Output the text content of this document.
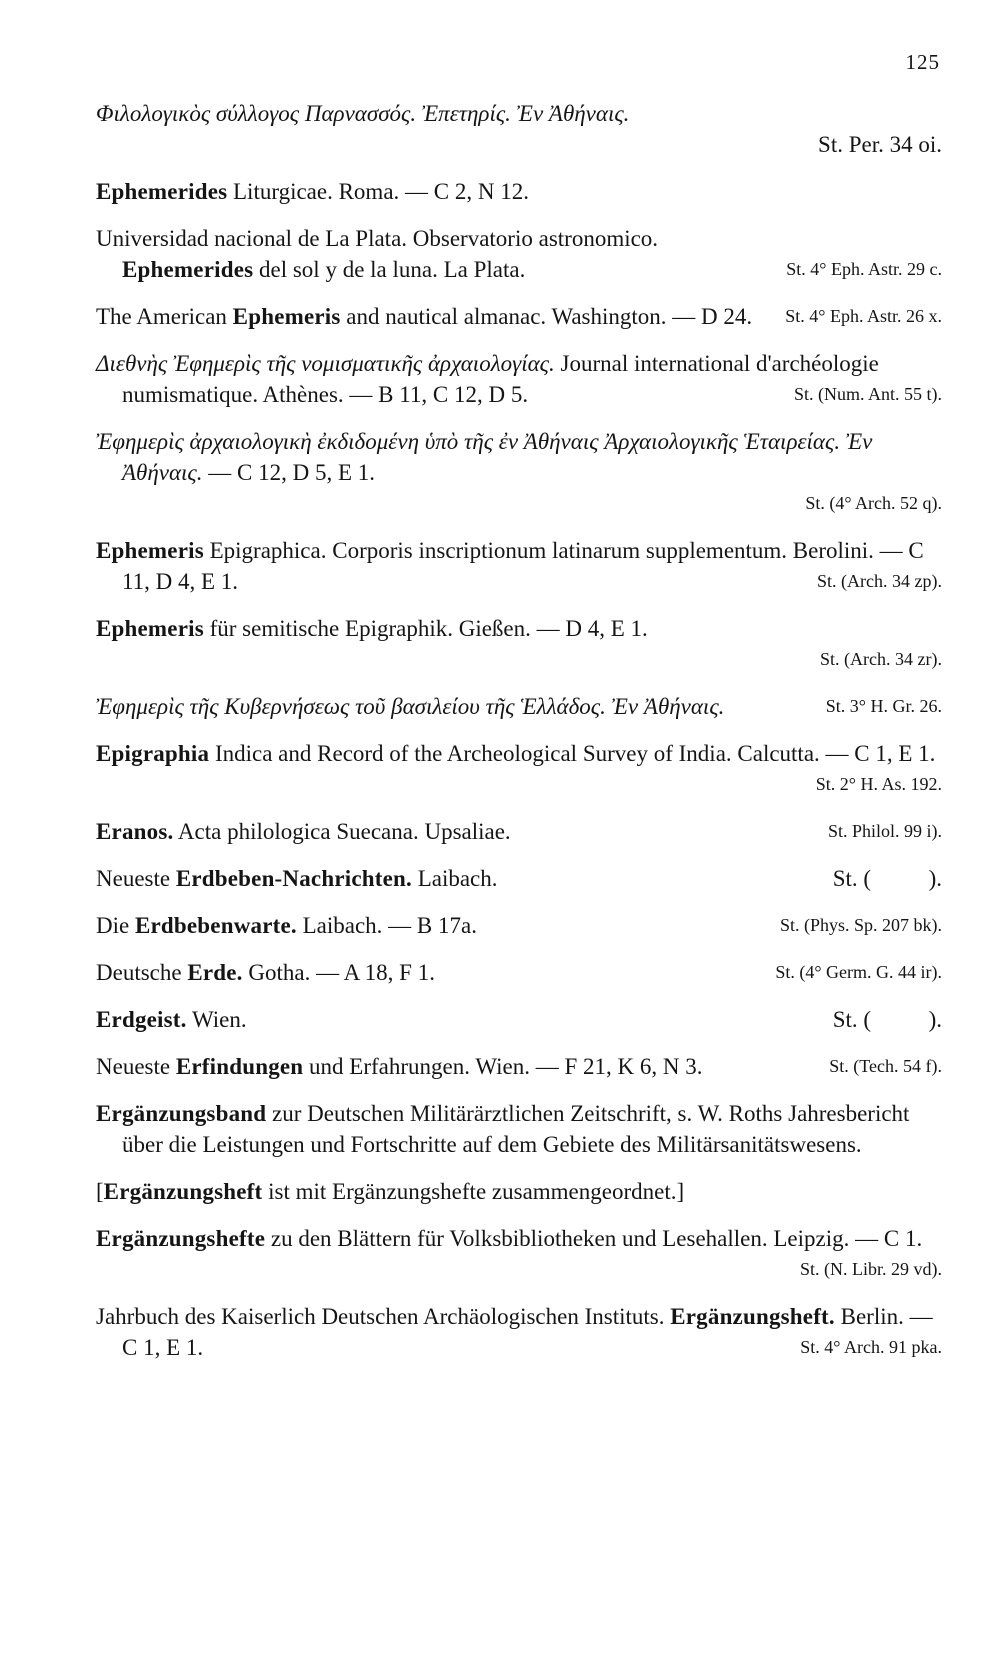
125
Φιλολογικὸς σύλλογος Παρνασσός. Ἐπετηρίς. Ἐν Ἀθήναις.
St. Per. 34 oi.
Ephemerides Liturgicae. Roma. — C 2, N 12.
Universidad nacional de La Plata. Observatorio astronomico.
Ephemerides del sol y de la luna. La Plata.	St. 4° Eph. Astr. 29 c.
The American Ephemeris and nautical almanac. Washington. — D 24. St. 4° Eph. Astr. 26 x.
Διεθνὴς Ἐφημερὶς τῆς νομισματικῆς ἀρχαιολογίας. Journal international d'archéologie numismatique. Athènes. — B 11, C 12, D 5.	St. (Num. Ant. 55 t).
Ἐφημερὶς ἀρχαιολογικὴ ἐκδιδομένη ὑπὸ τῆς ἐν Ἀθήναις Ἀρχαιολογικῆς Ἑταιρείας. Ἐν Ἀθήναις. — C 12, D 5, E 1.
St. (4° Arch. 52 q).
Ephemeris Epigraphica. Corporis inscriptionum latinarum supplementum. Berolini. — C 11, D 4, E 1.	St. (Arch. 34 zp).
Ephemeris für semitische Epigraphik. Gießen. — D 4, E 1.
St. (Arch. 34 zr).
Ἐφημερὶς τῆς Κυβερνήσεως τοῦ βασιλείου τῆς Ἑλλάδος. Ἐν Ἀθήναις.	St. 3° H. Gr. 26.
Epigraphia Indica and Record of the Archeological Survey of India. Calcutta. — C 1, E 1.
St. 2° H. As. 192.
Eranos. Acta philologica Suecana. Upsaliae.	St. Philol. 99 i).
Neueste Erdbeben-Nachrichten. Laibach.	St. (          ).
Die Erdbebenwarte. Laibach. — B 17a.	St. (Phys. Sp. 207 bk).
Deutsche Erde. Gotha. — A 18, F 1.	St. (4° Germ. G. 44 ir).
Erdgeist. Wien.	St. (          ).
Neueste Erfindungen und Erfahrungen. Wien. — F 21, K 6, N 3.	St. (Tech. 54 f).
Ergänzungsband zur Deutschen Militärärztlichen Zeitschrift, s. W. Roths Jahresbericht über die Leistungen und Fortschritte auf dem Gebiete des Militärsanitätswesens.
[Ergänzungsheft ist mit Ergänzungshefte zusammengeordnet.]
Ergänzungshefte zu den Blättern für Volksbibliotheken und Lesehallen. Leipzig. — C 1.
St. (N. Libr. 29 vd).
Jahrbuch des Kaiserlich Deutschen Archäologischen Instituts. Ergänzungsheft. Berlin. — C 1, E 1.	St. 4° Arch. 91 pka.
